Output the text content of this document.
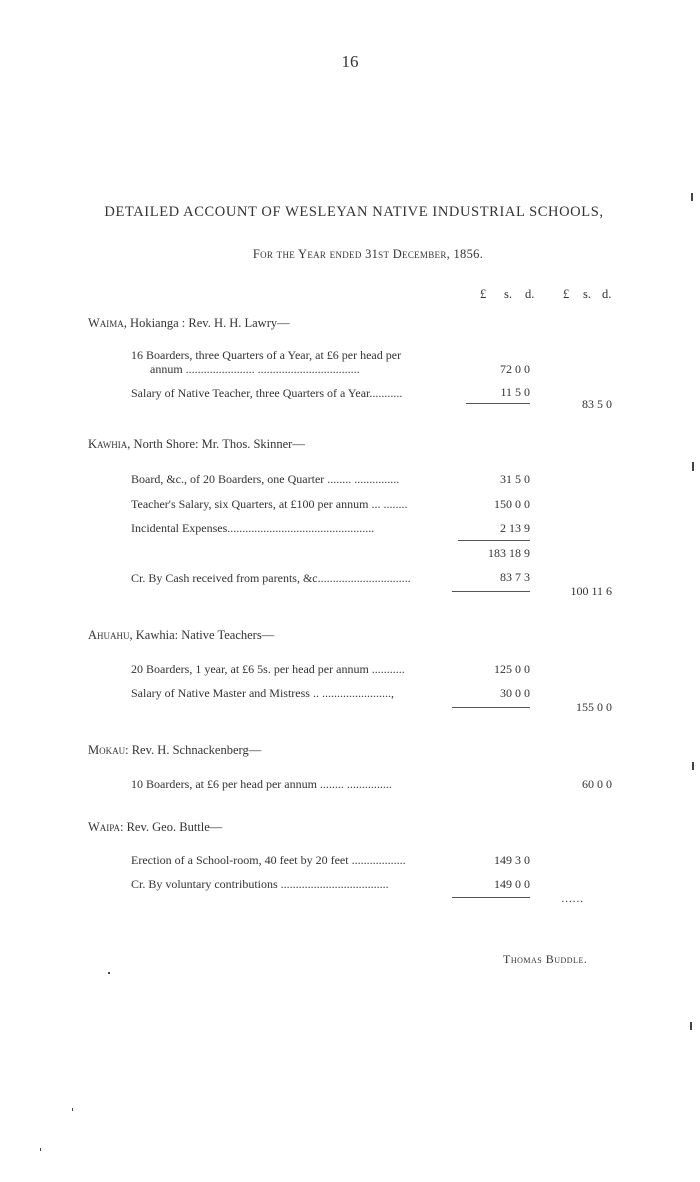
16
DETAILED ACCOUNT OF WESLEYAN NATIVE INDUSTRIAL SCHOOLS,
For the Year ended 31st December, 1856.
£ s. d. £ s. d.
Waima, Hokianga : Rev. H. H. Lawry—
16 Boarders, three Quarters of a Year, at £6 per head per
annum ....................... ..................................	72 0 0
Salary of Native Teacher, three Quarters of a Year...........	11 5 0
83 5 0
Kawhia, North Shore: Mr. Thos. Skinner—
Board, &c., of 20 Boarders, one Quarter ........ ...............	31 5 0
Teacher's Salary, six Quarters, at £100 per annum ... ........	150 0 0
Incidental Expenses.................................................	2 13 9
183 18 9
Cr. By Cash received from parents, &c...............................	83 7 3
100 11 6
Ahuahu, Kawhia: Native Teachers—
20 Boarders, 1 year, at £6 5s. per head per annum ...........	125 0 0
Salary of Native Master and Mistress .. .......................,	30 0 0
155 0 0
Mokau: Rev. H. Schnackenberg—
10 Boarders, at £6 per head per annum ........ ...............	60 0 0
Waipa: Rev. Geo. Buttle—
Erection of a School-room, 40 feet by 20 feet ..................	149 3 0
Cr. By voluntary contributions ....................................	149 0 0
......
Thomas Buddle.
